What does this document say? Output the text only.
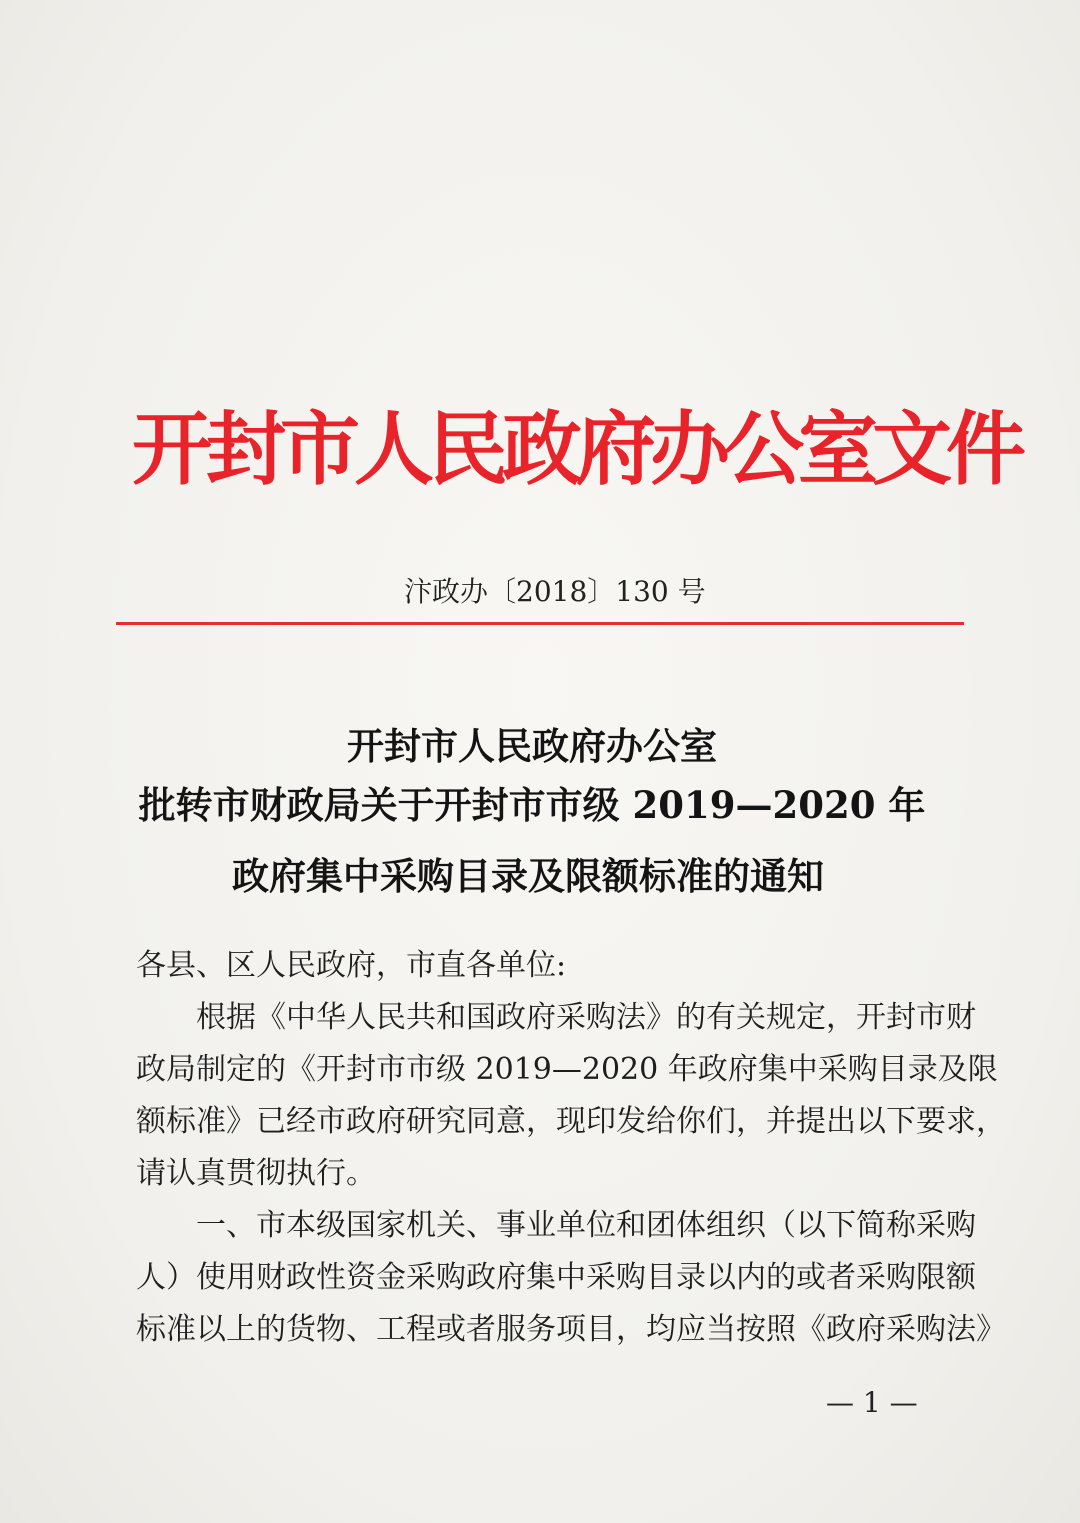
开封市人民政府办公室文件
汴政办〔2018〕130 号
开封市人民政府办公室
批转市财政局关于开封市市级 2019—2020 年
政府集中采购目录及限额标准的通知
各县、区人民政府，市直各单位:
　　根据《中华人民共和国政府采购法》的有关规定，开封市财
政局制定的《开封市市级 2019—2020 年政府集中采购目录及限
额标准》已经市政府研究同意，现印发给你们，并提出以下要求，
请认真贯彻执行。
　　一、市本级国家机关、事业单位和团体组织（以下简称采购
人）使用财政性资金采购政府集中采购目录以内的或者采购限额
标准以上的货物、工程或者服务项目，均应当按照《政府采购法》
— 1 —
